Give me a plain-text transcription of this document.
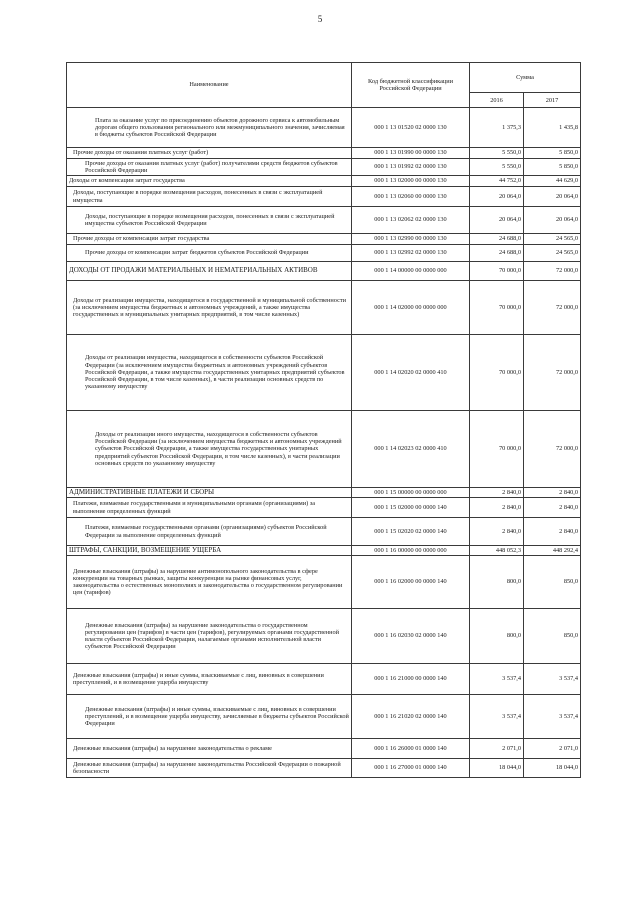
5
Наименование	Код бюджетной классификации Российской Федерации	Сумма	
		2016	2017
Плата за оказание услуг по присоединению объектов дорожного сервиса к автомобильным дорогам общего пользования регионального или межмуниципального значения, зачисляемая в бюджеты субъектов Российской Федерации	000 1 13 01520 02 0000 130	1 375,3	1 435,8
Прочие доходы от оказания платных услуг (работ)	000 1 13 01990 00 0000 130	5 550,0	5 850,0
Прочие доходы от оказания платных услуг (работ) получателями средств бюджетов субъектов Российской Федерации	000 1 13 01992 02 0000 130	5 550,0	5 850,0
Доходы от компенсации затрат государства	000 1 13 02000 00 0000 130	44 752,0	44 629,0
Доходы, поступающие в порядке возмещения расходов, понесенных в связи с эксплуатацией имущества	000 1 13 02060 00 0000 130	20 064,0	20 064,0
Доходы, поступающие в порядке возмещения расходов, понесенных в связи с эксплуатацией имущества субъектов Российской Федерации	000 1 13 02062 02 0000 130	20 064,0	20 064,0
Прочие доходы от компенсации затрат государства	000 1 13 02990 00 0000 130	24 688,0	24 565,0
Прочие доходы от компенсации затрат бюджетов субъектов Российской Федерации	000 1 13 02992 02 0000 130	24 688,0	24 565,0
ДОХОДЫ ОТ ПРОДАЖИ МАТЕРИАЛЬНЫХ И НЕМАТЕРИАЛЬНЫХ АКТИВОВ	000 1 14 00000 00 0000 000	70 000,0	72 000,0
Доходы от реализации имущества, находящегося в государственной и муниципальной собственности (за исключением имущества бюджетных и автономных учреждений, а также имущества государственных и муниципальных унитарных предприятий, в том числе казенных)	000 1 14 02000 00 0000 000	70 000,0	72 000,0
Доходы от реализации имущества, находящегося в собственности субъектов Российской Федерации (за исключением имущества бюджетных и автономных учреждений субъектов Российской Федерации, а также имущества государственных унитарных предприятий субъектов Российской Федерации, в том числе казенных), в части реализации основных средств по указанному имуществу	000 1 14 02020 02 0000 410	70 000,0	72 000,0
Доходы от реализации иного имущества, находящегося в собственности субъектов Российской Федерации (за исключением имущества бюджетных и автономных учреждений субъектов Российской Федерации, а также имущества государственных унитарных предприятий субъектов Российской Федерации, в том числе казенных), в части реализации основных средств по указанному имуществу	000 1 14 02023 02 0000 410	70 000,0	72 000,0
АДМИНИСТРАТИВНЫЕ ПЛАТЕЖИ И СБОРЫ	000 1 15 00000 00 0000 000	2 840,0	2 840,0
Платежи, взимаемые государственными и муниципальными органами (организациями) за выполнение определенных функций	000 1 15 02000 00 0000 140	2 840,0	2 840,0
Платежи, взимаемые государственными органами (организациями) субъектов Российской Федерации за выполнение определенных функций	000 1 15 02020 02 0000 140	2 840,0	2 840,0
ШТРАФЫ, САНКЦИИ, ВОЗМЕЩЕНИЕ УЩЕРБА	000 1 16 00000 00 0000 000	448 052,3	448 292,4
Денежные взыскания (штрафы) за нарушение антимонопольного законодательства в сфере конкуренции на товарных рынках, защиты конкуренции на рынке финансовых услуг, законодательства о естественных монополиях и законодательства о государственном регулировании цен (тарифов)	000 1 16 02000 00 0000 140	800,0	850,0
Денежные взыскания (штрафы) за нарушение законодательства о государственном регулировании цен (тарифов) в части цен (тарифов), регулируемых органами государственной власти субъектов Российской Федерации, налагаемые органами исполнительной власти субъектов Российской Федерации	000 1 16 02030 02 0000 140	800,0	850,0
Денежные взыскания (штрафы) и иные суммы, взыскиваемые с лиц, виновных в совершении преступлений, и в возмещение ущерба имуществу	000 1 16 21000 00 0000 140	3 537,4	3 537,4
Денежные взыскания (штрафы) и иные суммы, взыскиваемые с лиц, виновных в совершении преступлений, и в возмещение ущерба имуществу, зачисляемые в бюджеты субъектов Российской Федерации	000 1 16 21020 02 0000 140	3 537,4	3 537,4
Денежные взыскания (штрафы) за нарушение законодательства о рекламе	000 1 16 26000 01 0000 140	2 071,0	2 071,0
Денежные взыскания (штрафы) за нарушение законодательства Российской Федерации о пожарной безопасности	000 1 16 27000 01 0000 140	18 044,0	18 044,0
